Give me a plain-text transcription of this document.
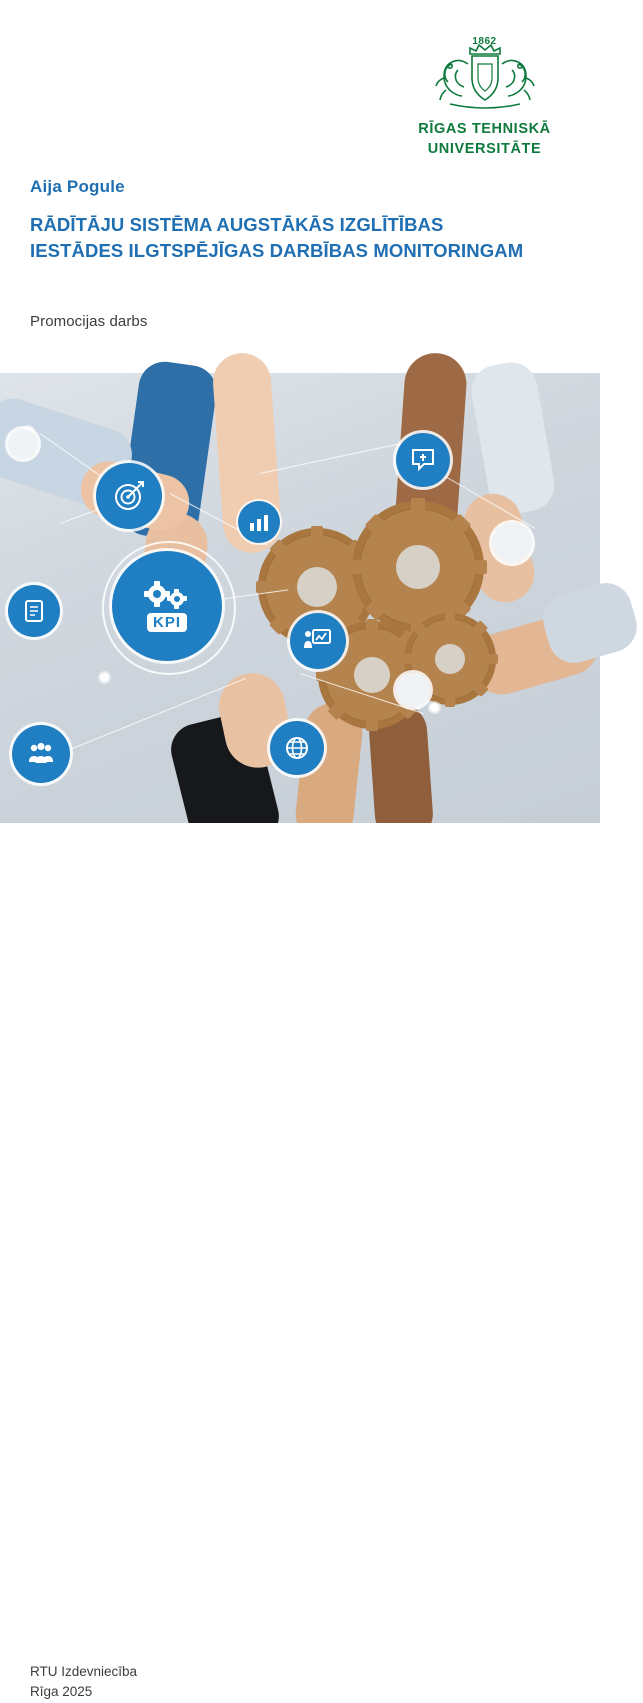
1862
RĪGAS TEHNISKĀ
UNIVERSITĀTE
Aija Pogule
RĀDĪTĀJU SISTĒMA AUGSTĀKĀS IZGLĪTĪBAS IESTĀDES ILGTSPĒJĪGAS DARBĪBAS MONITORINGAM
Promocijas darbs
KPI
RTU Izdevniecība
Rīga 2025
